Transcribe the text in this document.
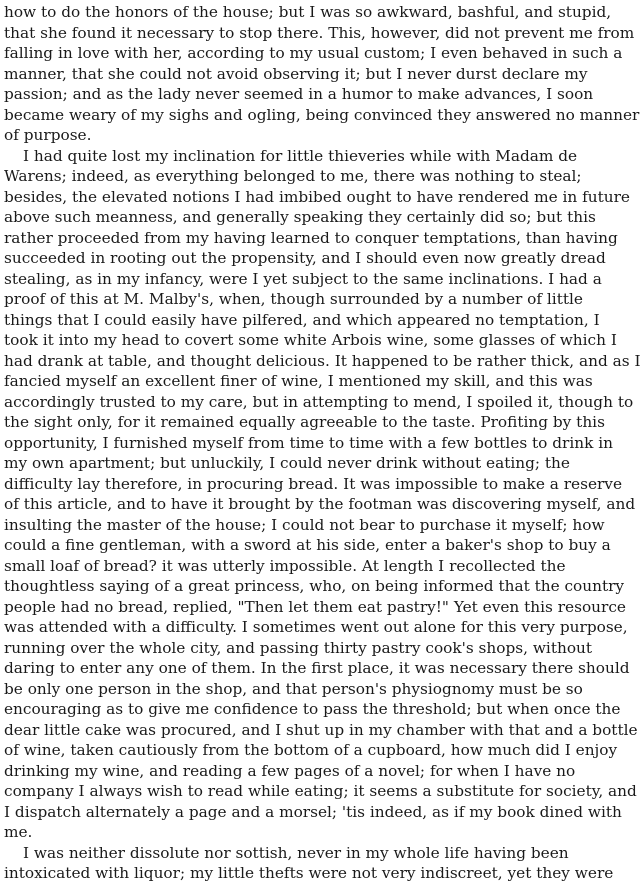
how to do the honors of the house; but I was so awkward, bashful, and stupid,
that she found it necessary to stop there. This, however, did not prevent me from
falling in love with her, according to my usual custom; I even behaved in such a
manner, that she could not avoid observing it; but I never durst declare my
passion; and as the lady never seemed in a humor to make advances, I soon
became weary of my sighs and ogling, being convinced they answered no manner
of purpose.
I had quite lost my inclination for little thieveries while with Madam de
Warens; indeed, as everything belonged to me, there was nothing to steal;
besides, the elevated notions I had imbibed ought to have rendered me in future
above such meanness, and generally speaking they certainly did so; but this
rather proceeded from my having learned to conquer temptations, than having
succeeded in rooting out the propensity, and I should even now greatly dread
stealing, as in my infancy, were I yet subject to the same inclinations. I had a
proof of this at M. Malby's, when, though surrounded by a number of little
things that I could easily have pilfered, and which appeared no temptation, I
took it into my head to covert some white Arbois wine, some glasses of which I
had drank at table, and thought delicious. It happened to be rather thick, and as I
fancied myself an excellent finer of wine, I mentioned my skill, and this was
accordingly trusted to my care, but in attempting to mend, I spoiled it, though to
the sight only, for it remained equally agreeable to the taste. Profiting by this
opportunity, I furnished myself from time to time with a few bottles to drink in
my own apartment; but unluckily, I could never drink without eating; the
difficulty lay therefore, in procuring bread. It was impossible to make a reserve
of this article, and to have it brought by the footman was discovering myself, and
insulting the master of the house; I could not bear to purchase it myself; how
could a fine gentleman, with a sword at his side, enter a baker's shop to buy a
small loaf of bread? it was utterly impossible. At length I recollected the
thoughtless saying of a great princess, who, on being informed that the country
people had no bread, replied, "Then let them eat pastry!" Yet even this resource
was attended with a difficulty. I sometimes went out alone for this very purpose,
running over the whole city, and passing thirty pastry cook's shops, without
daring to enter any one of them. In the first place, it was necessary there should
be only one person in the shop, and that person's physiognomy must be so
encouraging as to give me confidence to pass the threshold; but when once the
dear little cake was procured, and I shut up in my chamber with that and a bottle
of wine, taken cautiously from the bottom of a cupboard, how much did I enjoy
drinking my wine, and reading a few pages of a novel; for when I have no
company I always wish to read while eating; it seems a substitute for society, and
I dispatch alternately a page and a morsel; 'tis indeed, as if my book dined with
me.
I was neither dissolute nor sottish, never in my whole life having been
intoxicated with liquor; my little thefts were not very indiscreet, yet they were
